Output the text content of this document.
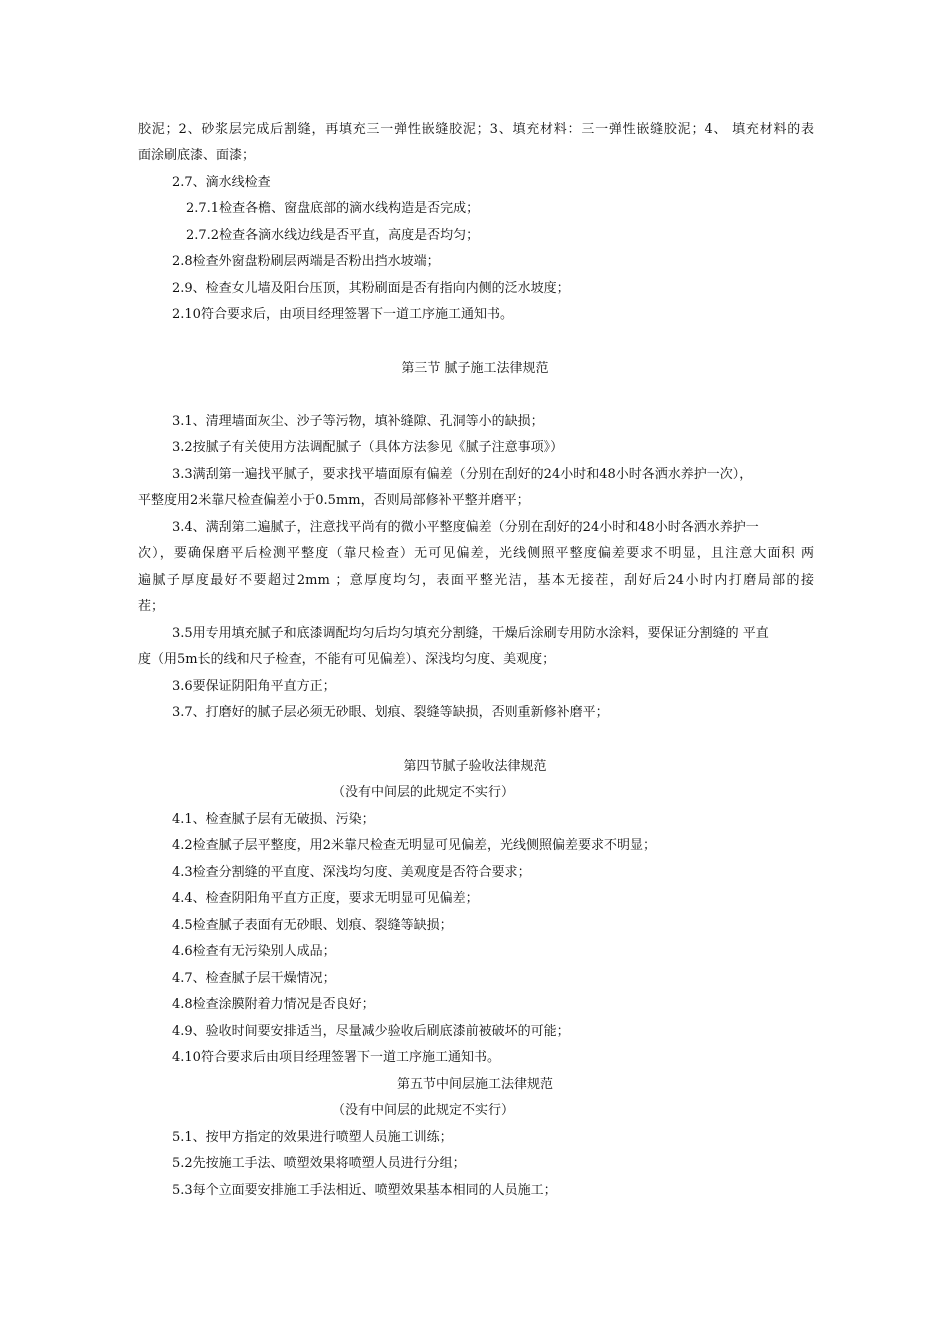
胶泥；2、砂浆层完成后割缝，再填充三一弹性嵌缝胶泥；3、填充材料：三一弹性嵌缝胶泥；4、 填充材料的表
面涂刷底漆、面漆；
2.7、滴水线检查
2.7.1检查各檐、窗盘底部的滴水线构造是否完成；
2.7.2检查各滴水线边线是否平直，高度是否均匀；
2.8检查外窗盘粉刷层两端是否粉出挡水坡端；
2.9、检查女儿墙及阳台压顶，其粉刷面是否有指向内侧的泛水坡度；
2.10符合要求后，由项目经理签署下一道工序施工通知书。
第三节 腻子施工法律规范
3.1、清理墙面灰尘、沙子等污物，填补缝隙、孔洞等小的缺损；
3.2按腻子有关使用方法调配腻子（具体方法参见《腻子注意事项》）
3.3满刮第一遍找平腻子，要求找平墙面原有偏差（分别在刮好的24小时和48小时各洒水养护一次），
平整度用2米靠尺检查偏差小于0.5mm，否则局部修补平整并磨平；
3.4、满刮第二遍腻子，注意找平尚有的微小平整度偏差（分别在刮好的24小时和48小时各洒水养护一
次），要确保磨平后检测平整度（靠尺检查）无可见偏差，光线侧照平整度偏差要求不明显，且注意大面积 两
遍腻子厚度最好不要超过2mm ；意厚度均匀，表面平整光洁，基本无接茬，刮好后24小时内打磨局部的接
茬；
3.5用专用填充腻子和底漆调配均匀后均匀填充分割缝，干燥后涂刷专用防水涂料，要保证分割缝的 平直
度（用5m长的线和尺子检查，不能有可见偏差）、深浅均匀度、美观度；
3.6要保证阴阳角平直方正；
3.7、打磨好的腻子层必须无砂眼、划痕、裂缝等缺损，否则重新修补磨平；
第四节腻子验收法律规范
（没有中间层的此规定不实行）
4.1、检查腻子层有无破损、污染；
4.2检查腻子层平整度，用2米靠尺检查无明显可见偏差，光线侧照偏差要求不明显；
4.3检查分割缝的平直度、深浅均匀度、美观度是否符合要求；
4.4、检查阴阳角平直方正度，要求无明显可见偏差；
4.5检查腻子表面有无砂眼、划痕、裂缝等缺损；
4.6检查有无污染别人成品；
4.7、检查腻子层干燥情况；
4.8检查涂膜附着力情况是否良好；
4.9、验收时间要安排适当，尽量减少验收后刷底漆前被破坏的可能；
4.10符合要求后由项目经理签署下一道工序施工通知书。
第五节中间层施工法律规范
（没有中间层的此规定不实行）
5.1、按甲方指定的效果进行喷塑人员施工训练；
5.2先按施工手法、喷塑效果将喷塑人员进行分组；
5.3每个立面要安排施工手法相近、喷塑效果基本相同的人员施工；
